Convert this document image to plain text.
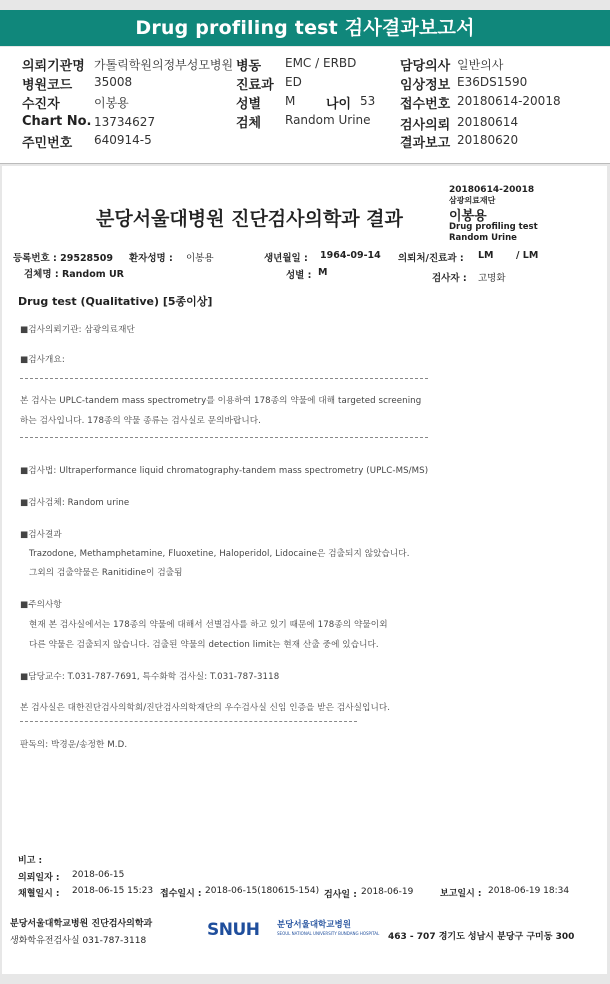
Drug profiling test 검사결과보고서
의뢰기관명 가톨릭학원의정부성모병원 병동 EMC / ERBD	담당의사 일반의사
병원코드 35008	진료과 ED	임상정보 E36DS1590
수진자	이봉용	성별 M 나이 53 접수번호 20180614-20018
Chart No. 13734627	검체 Random Urine 검사의뢰 20180614
주민번호 640914-5	결과보고 20180620
20180614-20018
삼광의료재단
이봉용
Drug profiling test
Random Urine
분당서울대병원 진단검사의학과 결과
등록번호 : 29528509 환자성명 : 이봉용	생년월일 : 1964-09-14 의뢰처/진료과 : LM / LM
검체명 : Random UR	성별 : M
검사자 : 고명화
Drug test (Qualitative) [5종이상]
■검사의뢰기관: 삼광의료재단
■검사개요:
본 검사는 UPLC-tandem mass spectrometry를 이용하여 178종의 약물에 대해 targeted screening
하는 검사입니다. 178종의 약물 종류는 검사실로 문의바랍니다.
■검사법: Ultraperformance liquid chromatography-tandem mass spectrometry (UPLC-MS/MS)
■검사검체: Random urine
■검사결과
Trazodone, Methamphetamine, Fluoxetine, Haloperidol, Lidocaine은 검출되지 않았습니다.
그외의 검출약물은 Ranitidine이 검출됨
■주의사항
현재 본 검사실에서는 178종의 약물에 대해서 선별검사를 하고 있기 때문에 178종의 약물이외
다른 약물은 검출되지 않습니다. 검출된 약물의 detection limit는 현재 산출 중에 있습니다.
■담당교수: T.031-787-7691, 특수화학 검사실: T.031-787-3118
본 검사실은 대한진단검사의학회/진단검사의학재단의 우수검사실 신임 인증을 받은 검사실입니다.
판독의: 박경운/송정한 M.D.
비고 :
의뢰일자 : 2018-06-15
채혈일시 : 2018-06-15 15:23 접수일시 : 2018-06-15(180615-154) 검사일 : 2018-06-19	보고일시 : 2018-06-19 18:34
분당서울대학교병원 진단검사의학과
생화학유전검사실 031-787-3118
SNUH 분당서울대학교병원
SEOUL NATIONAL UNIVERSITY BUNDANG HOSPITAL 463 - 707 경기도 성남시 분당구 구미동 300
